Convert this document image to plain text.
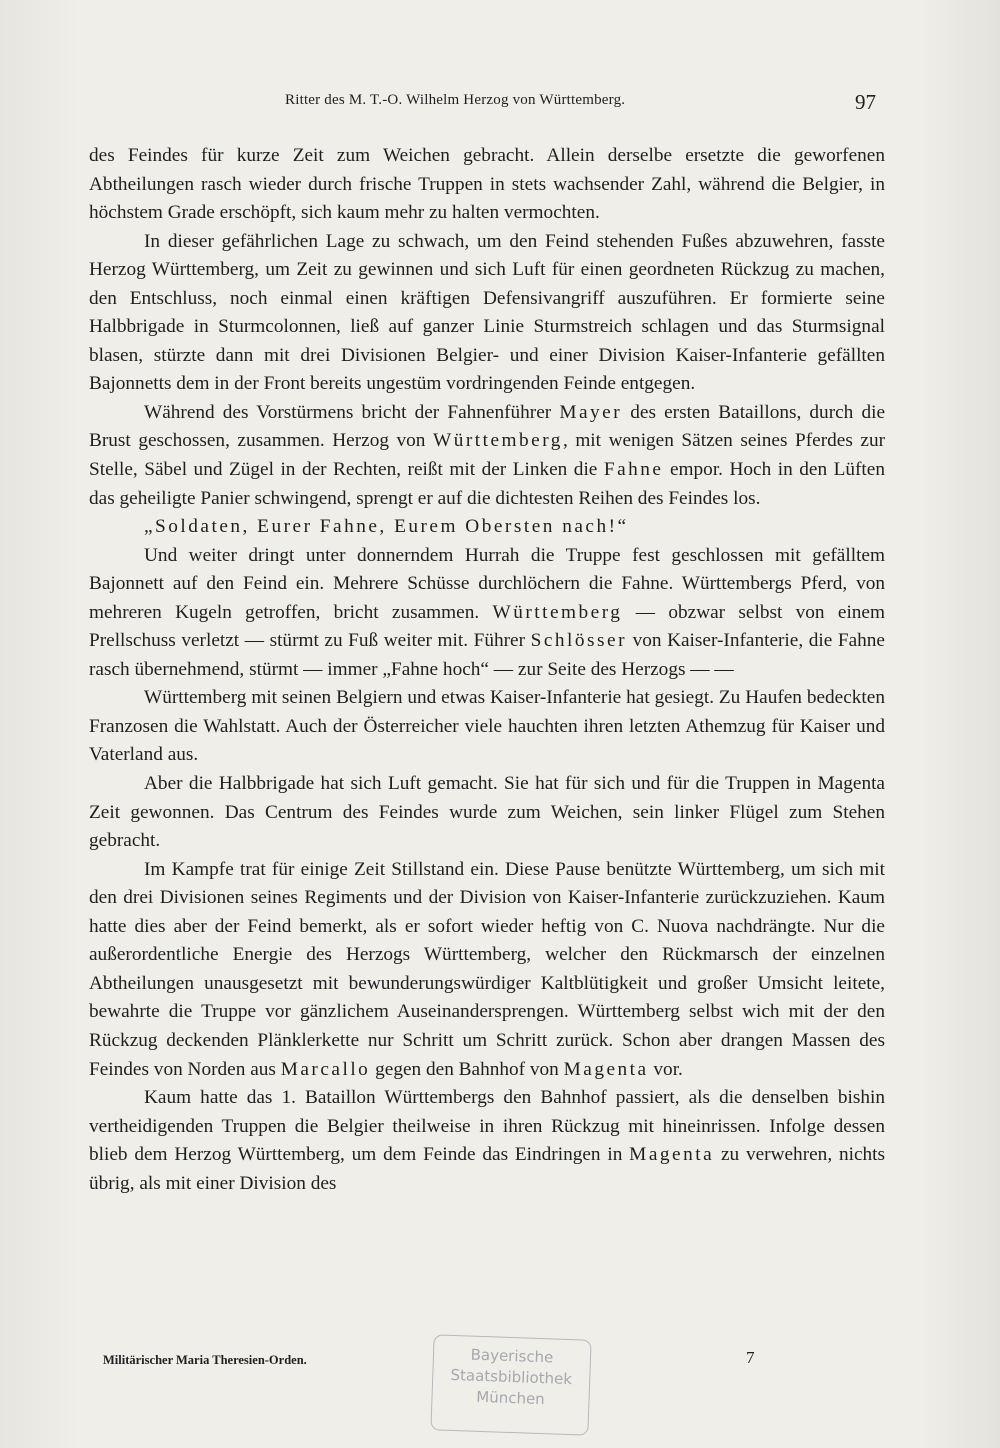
Ritter des M. T.-O. Wilhelm Herzog von Württemberg.	97

des Feindes für kurze Zeit zum Weichen gebracht. Allein derselbe ersetzte die geworfenen Abtheilungen rasch wieder durch frische Truppen in stets wachsender Zahl, während die Belgier, in höchstem Grade erschöpft, sich kaum mehr zu halten vermochten.

In dieser gefährlichen Lage zu schwach, um den Feind stehenden Fußes abzuwehren, fasste Herzog Württemberg, um Zeit zu gewinnen und sich Luft für einen geordneten Rückzug zu machen, den Entschluss, noch einmal einen kräftigen Defensivangriff auszuführen. Er formierte seine Halbbrigade in Sturmcolonnen, ließ auf ganzer Linie Sturmstreich schlagen und das Sturmsignal blasen, stürzte dann mit drei Divisionen Belgier- und einer Division Kaiser-Infanterie gefällten Bajonnetts dem in der Front bereits ungestüm vordringenden Feinde entgegen.

Während des Vorstürmens bricht der Fahnenführer Mayer des ersten Bataillons, durch die Brust geschossen, zusammen. Herzog von Württemberg, mit wenigen Sätzen seines Pferdes zur Stelle, Säbel und Zügel in der Rechten, reißt mit der Linken die Fahne empor. Hoch in den Lüften das geheiligte Panier schwingend, sprengt er auf die dichtesten Reihen des Feindes los.

„Soldaten, Eurer Fahne, Eurem Obersten nach!“

Und weiter dringt unter donnerndem Hurrah die Truppe fest geschlossen mit gefälltem Bajonnett auf den Feind ein. Mehrere Schüsse durchlöchern die Fahne. Württembergs Pferd, von mehreren Kugeln getroffen, bricht zusammen. Württemberg — obzwar selbst von einem Prellschuss verletzt — stürmt zu Fuß weiter mit. Führer Schlösser von Kaiser-Infanterie, die Fahne rasch übernehmend, stürmt — immer „Fahne hoch“ — zur Seite des Herzogs — —

Württemberg mit seinen Belgiern und etwas Kaiser-Infanterie hat gesiegt. Zu Haufen bedeckten Franzosen die Wahlstatt. Auch der Österreicher viele hauchten ihren letzten Athemzug für Kaiser und Vaterland aus.

Aber die Halbbrigade hat sich Luft gemacht. Sie hat für sich und für die Truppen in Magenta Zeit gewonnen. Das Centrum des Feindes wurde zum Weichen, sein linker Flügel zum Stehen gebracht.

Im Kampfe trat für einige Zeit Stillstand ein. Diese Pause benützte Württemberg, um sich mit den drei Divisionen seines Regiments und der Division von Kaiser-Infanterie zurückzuziehen. Kaum hatte dies aber der Feind bemerkt, als er sofort wieder heftig von C. Nuova nachdrängte. Nur die außerordentliche Energie des Herzogs Württemberg, welcher den Rückmarsch der einzelnen Abtheilungen unausgesetzt mit bewunderungswürdiger Kaltblütigkeit und großer Umsicht leitete, bewahrte die Truppe vor gänzlichem Auseinandersprengen. Württemberg selbst wich mit der den Rückzug deckenden Plänklerkette nur Schritt um Schritt zurück. Schon aber drangen Massen des Feindes von Norden aus Marcallo gegen den Bahnhof von Magenta vor.

Kaum hatte das 1. Bataillon Württembergs den Bahnhof passiert, als die denselben bishin vertheidigenden Truppen die Belgier theilweise in ihren Rückzug mit hineinrissen. Infolge dessen blieb dem Herzog Württemberg, um dem Feinde das Eindringen in Magenta zu verwehren, nichts übrig, als mit einer Division des

Militärischer Maria Theresien-Orden.	7
Bayerische
Staatsbibliothek
München
